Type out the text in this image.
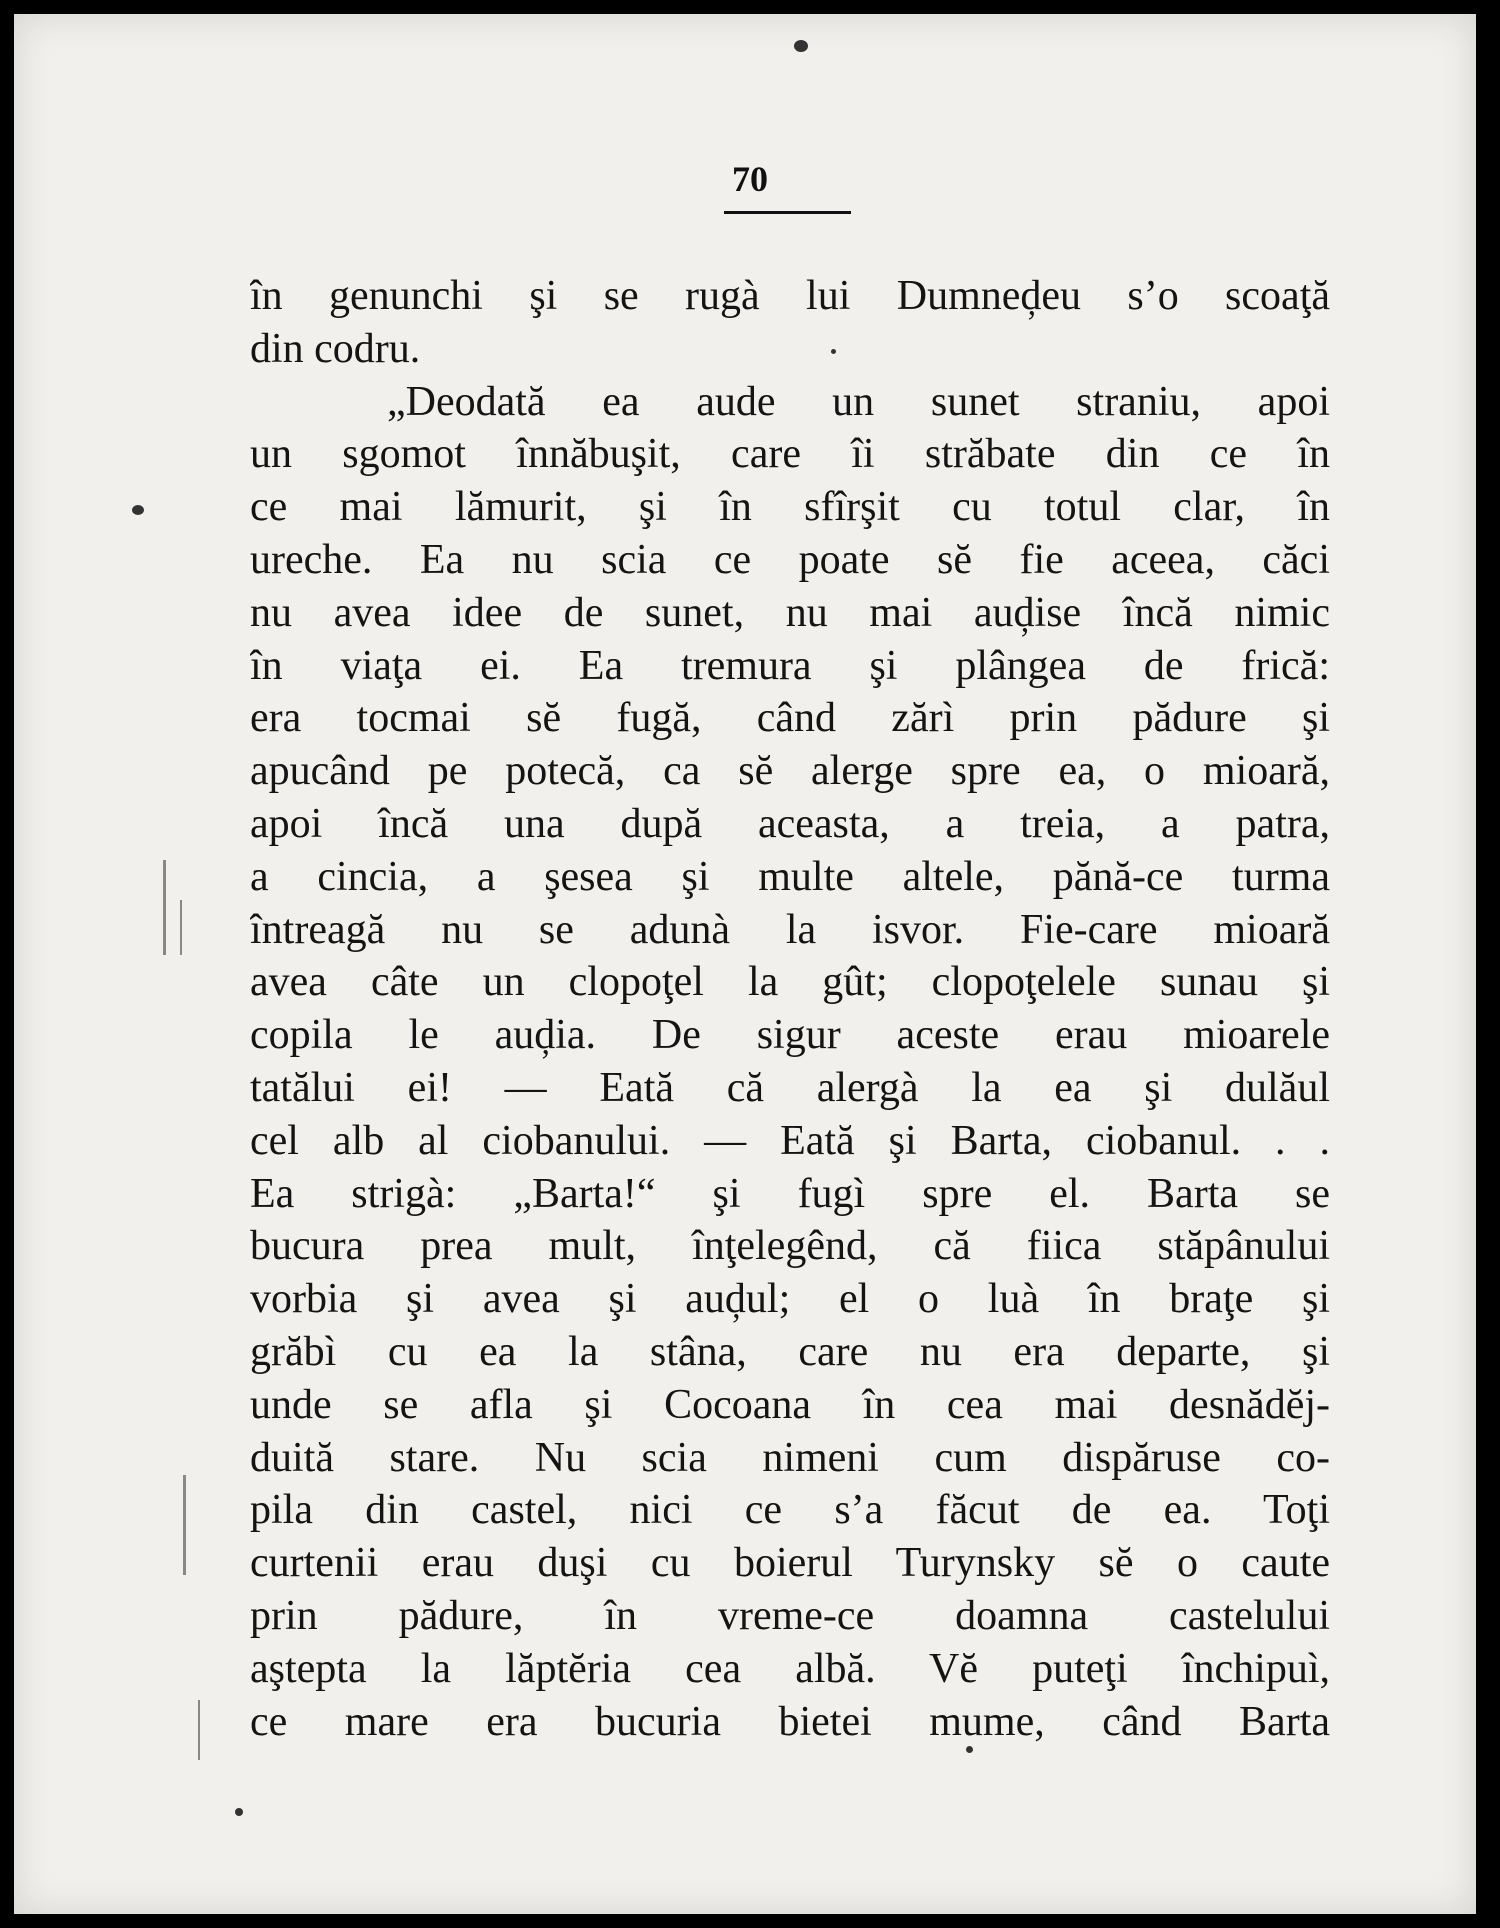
70
în genunchi şi se rugà lui Dumneḑeu s’o scoaţă
din codru.
„Deodată ea aude un sunet straniu, apoi
un sgomot înnăbuşit, care îi străbate din ce în
ce mai lămurit, şi în sfîrşit cu totul clar, în
ureche. Ea nu scia ce poate sĕ fie aceea, căci
nu avea idee de sunet, nu mai auḑise încă nimic
în viaţa ei. Ea tremura şi plângea de frică:
era tocmai sĕ fugă, când zărì prin pădure şi
apucând pe potecă, ca sĕ alerge spre ea, o mioară,
apoi încă una după aceasta, a treia, a patra,
a cincia, a şesea şi multe altele, pănă-ce turma
întreagă nu se adunà la isvor. Fie-care mioară
avea câte un clopoţel la gût; clopoţelele sunau şi
copila le auḑia. De sigur aceste erau mioarele
tatălui ei! — Eată că alergà la ea şi dulăul
cel alb al ciobanului. — Eată şi Barta, ciobanul. . .
Ea strigà: „Barta!“ şi fugì spre el. Barta se
bucura prea mult, înţelegênd, că fiica stăpânului
vorbia şi avea şi auḑul; el o luà în braţe şi
grăbì cu ea la stâna, care nu era departe, şi
unde se afla şi Cocoana în cea mai desnădĕj-
duită stare. Nu scia nimeni cum dispăruse co-
pila din castel, nici ce s’a făcut de ea. Toţi
curtenii erau duşi cu boierul Turynsky sĕ o caute
prin pădure, în vreme-ce doamna castelului
aştepta la lăptĕria cea albă. Vĕ puteţi închipuì,
ce mare era bucuria bietei mume, când Barta
